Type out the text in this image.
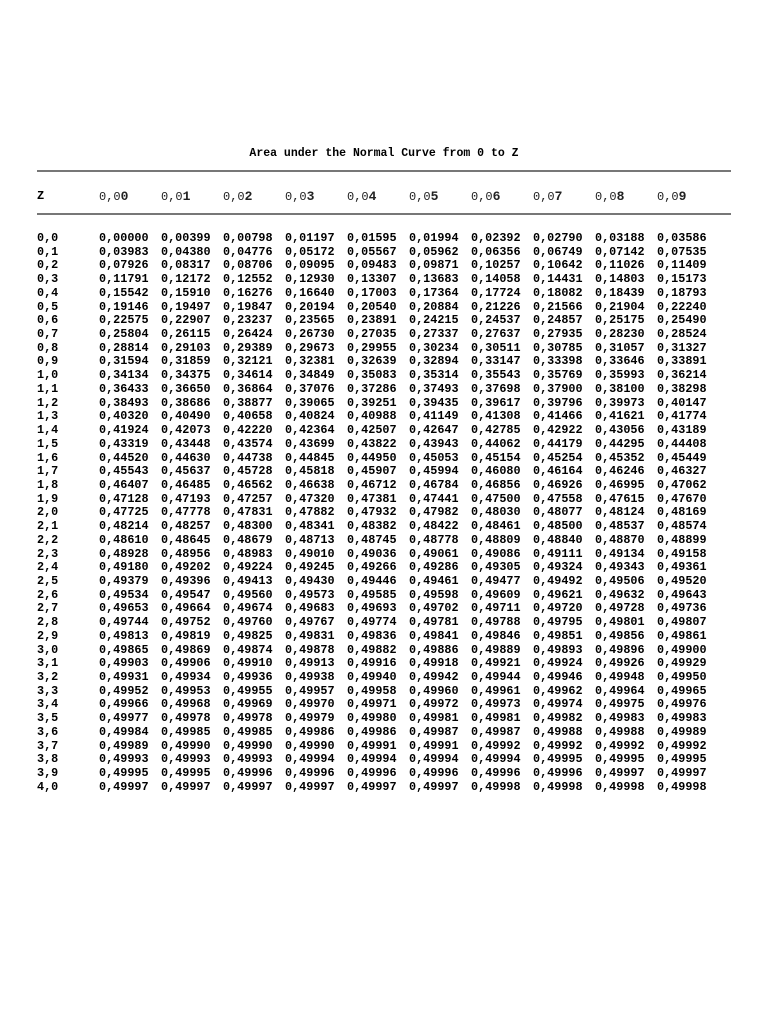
Area under the Normal Curve from 0 to Z
Z	0,00	0,01	0,02	0,03	0,04	0,05	0,06	0,07	0,08	0,09
0,0	0,00000 0,00399 0,00798 0,01197 0,01595 0,01994 0,02392 0,02790 0,03188 0,03586
0,1	0,03983 0,04380 0,04776 0,05172 0,05567 0,05962 0,06356 0,06749 0,07142 0,07535
0,2	0,07926 0,08317 0,08706 0,09095 0,09483 0,09871 0,10257 0,10642 0,11026 0,11409
0,3	0,11791 0,12172 0,12552 0,12930 0,13307 0,13683 0,14058 0,14431 0,14803 0,15173
0,4	0,15542 0,15910 0,16276 0,16640 0,17003 0,17364 0,17724 0,18082 0,18439 0,18793
0,5	0,19146 0,19497 0,19847 0,20194 0,20540 0,20884 0,21226 0,21566 0,21904 0,22240
0,6	0,22575 0,22907 0,23237 0,23565 0,23891 0,24215 0,24537 0,24857 0,25175 0,25490
0,7	0,25804 0,26115 0,26424 0,26730 0,27035 0,27337 0,27637 0,27935 0,28230 0,28524
0,8	0,28814 0,29103 0,29389 0,29673 0,29955 0,30234 0,30511 0,30785 0,31057 0,31327
0,9	0,31594 0,31859 0,32121 0,32381 0,32639 0,32894 0,33147 0,33398 0,33646 0,33891
1,0	0,34134 0,34375 0,34614 0,34849 0,35083 0,35314 0,35543 0,35769 0,35993 0,36214
1,1	0,36433 0,36650 0,36864 0,37076 0,37286 0,37493 0,37698 0,37900 0,38100 0,38298
1,2	0,38493 0,38686 0,38877 0,39065 0,39251 0,39435 0,39617 0,39796 0,39973 0,40147
1,3	0,40320 0,40490 0,40658 0,40824 0,40988 0,41149 0,41308 0,41466 0,41621 0,41774
1,4	0,41924 0,42073 0,42220 0,42364 0,42507 0,42647 0,42785 0,42922 0,43056 0,43189
1,5	0,43319 0,43448 0,43574 0,43699 0,43822 0,43943 0,44062 0,44179 0,44295 0,44408
1,6	0,44520 0,44630 0,44738 0,44845 0,44950 0,45053 0,45154 0,45254 0,45352 0,45449
1,7	0,45543 0,45637 0,45728 0,45818 0,45907 0,45994 0,46080 0,46164 0,46246 0,46327
1,8	0,46407 0,46485 0,46562 0,46638 0,46712 0,46784 0,46856 0,46926 0,46995 0,47062
1,9	0,47128 0,47193 0,47257 0,47320 0,47381 0,47441 0,47500 0,47558 0,47615 0,47670
2,0	0,47725 0,47778 0,47831 0,47882 0,47932 0,47982 0,48030 0,48077 0,48124 0,48169
2,1	0,48214 0,48257 0,48300 0,48341 0,48382 0,48422 0,48461 0,48500 0,48537 0,48574
2,2	0,48610 0,48645 0,48679 0,48713 0,48745 0,48778 0,48809 0,48840 0,48870 0,48899
2,3	0,48928 0,48956 0,48983 0,49010 0,49036 0,49061 0,49086 0,49111 0,49134 0,49158
2,4	0,49180 0,49202 0,49224 0,49245 0,49266 0,49286 0,49305 0,49324 0,49343 0,49361
2,5	0,49379 0,49396 0,49413 0,49430 0,49446 0,49461 0,49477 0,49492 0,49506 0,49520
2,6	0,49534 0,49547 0,49560 0,49573 0,49585 0,49598 0,49609 0,49621 0,49632 0,49643
2,7	0,49653 0,49664 0,49674 0,49683 0,49693 0,49702 0,49711 0,49720 0,49728 0,49736
2,8	0,49744 0,49752 0,49760 0,49767 0,49774 0,49781 0,49788 0,49795 0,49801 0,49807
2,9	0,49813 0,49819 0,49825 0,49831 0,49836 0,49841 0,49846 0,49851 0,49856 0,49861
3,0	0,49865 0,49869 0,49874 0,49878 0,49882 0,49886 0,49889 0,49893 0,49896 0,49900
3,1	0,49903 0,49906 0,49910 0,49913 0,49916 0,49918 0,49921 0,49924 0,49926 0,49929
3,2	0,49931 0,49934 0,49936 0,49938 0,49940 0,49942 0,49944 0,49946 0,49948 0,49950
3,3	0,49952 0,49953 0,49955 0,49957 0,49958 0,49960 0,49961 0,49962 0,49964 0,49965
3,4	0,49966 0,49968 0,49969 0,49970 0,49971 0,49972 0,49973 0,49974 0,49975 0,49976
3,5	0,49977 0,49978 0,49978 0,49979 0,49980 0,49981 0,49981 0,49982 0,49983 0,49983
3,6	0,49984 0,49985 0,49985 0,49986 0,49986 0,49987 0,49987 0,49988 0,49988 0,49989
3,7	0,49989 0,49990 0,49990 0,49990 0,49991 0,49991 0,49992 0,49992 0,49992 0,49992
3,8	0,49993 0,49993 0,49993 0,49994 0,49994 0,49994 0,49994 0,49995 0,49995 0,49995
3,9	0,49995 0,49995 0,49996 0,49996 0,49996 0,49996 0,49996 0,49996 0,49997 0,49997
4,0	0,49997 0,49997 0,49997 0,49997 0,49997 0,49997 0,49998 0,49998 0,49998 0,49998
